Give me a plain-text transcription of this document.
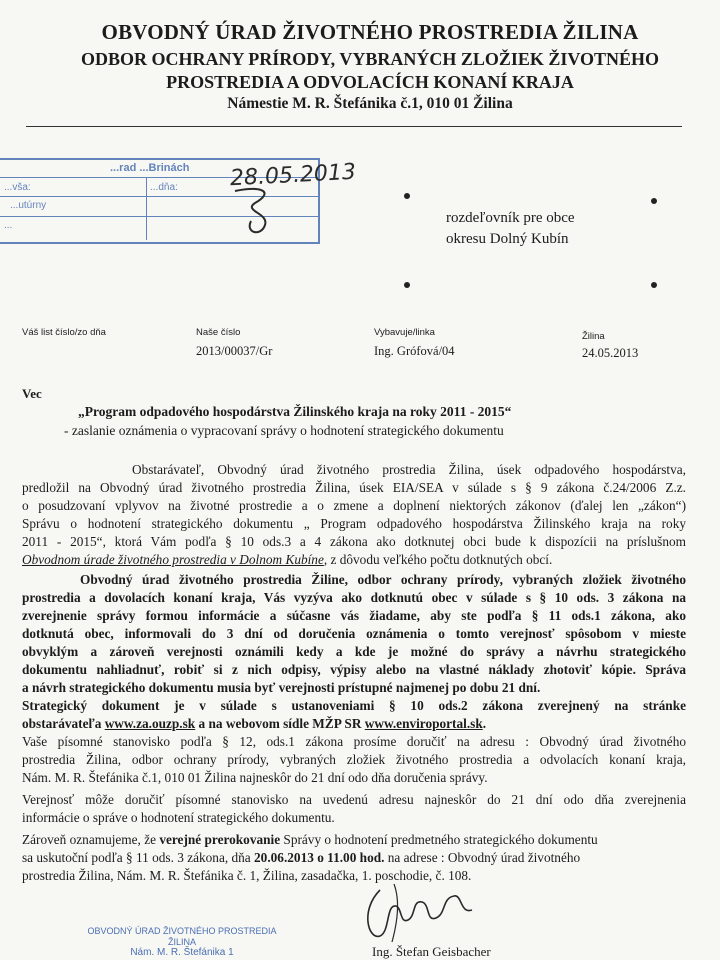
OBVODNÝ ÚRAD ŽIVOTNÉHO PROSTREDIA ŽILINA
ODBOR OCHRANY PRÍRODY, VYBRANÝCH ZLOŽIEK ŽIVOTNÉHO
PROSTREDIA A ODVOLACÍCH KONANÍ KRAJA
Námestie M. R. Štefánika č.1, 010 01 Žilina
...rad ...Brinách
...vša:
...utúrny
...dňa:
...
28.05.2013
rozdeľovník pre obce
okresu Dolný Kubín
Váš list číslo/zo dňa	Naše číslo
2013/00037/Gr
Vybavuje/linka
Ing. Grófová/04
Žilina
24.05.2013
Vec
„Program odpadového hospodárstva Žilinského kraja na roky 2011 - 2015“
- zaslanie oznámenia o vypracovaní správy o hodnotení strategického dokumentu
Obstarávateľ, Obvodný úrad životného prostredia Žilina, úsek odpadového hospodárstva,
predložil na Obvodný úrad životného prostredia Žilina, úsek EIA/SEA v súlade s § 9 zákona č.24/2006 Z.z.
o posudzovaní vplyvov na životné prostredie a o zmene a doplnení niektorých zákonov (ďalej len „zákon“)
Správu o hodnotení strategického dokumentu „ Program odpadového hospodárstva Žilinského kraja na roky
2011 - 2015“, ktorá Vám podľa § 10 ods.3 a 4 zákona ako dotknutej obci bude k dispozícii na príslušnom
Obvodnom úrade životného prostredia v Dolnom Kubíne, z dôvodu veľkého počtu dotknutých obcí.
Obvodný úrad životného prostredia Žiline, odbor ochrany prírody, vybraných zložiek životného
prostredia a dovolacích konaní kraja, Vás vyzýva ako dotknutú obec v súlade s § 10 ods. 3 zákona na
zverejnenie správy formou informácie a súčasne vás žiadame, aby ste podľa § 11 ods.1 zákona, ako
dotknutá obec, informovali do 3 dní od doručenia oznámenia o tomto verejnosť spôsobom v mieste
obvyklým a zároveň verejnosti oznámili kedy a kde je možné do správy a návrhu strategického
dokumentu nahliadnuť, robiť si z nich odpisy, výpisy alebo na vlastné náklady zhotoviť kópie. Správa
a návrh strategického dokumentu musia byť verejnosti prístupné najmenej po dobu 21 dní.
Strategický dokument je v súlade s ustanoveniami § 10 ods.2 zákona zverejnený na stránke
obstarávateľa www.za.ouzp.sk a na webovom sídle MŽP SR www.enviroportal.sk.
Vaše písomné stanovisko podľa § 12, ods.1 zákona prosíme doručiť na adresu : Obvodný úrad životného
prostredia Žilina, odbor ochrany prírody, vybraných zložiek životného prostredia a odvolacích konaní kraja,
Nám. M. R. Štefánika č.1, 010 01 Žilina najneskôr do 21 dní odo dňa doručenia správy.
Verejnosť môže doručiť písomné stanovisko na uvedenú adresu najneskôr do 21 dní odo dňa zverejnenia
informácie o správe o hodnotení strategického dokumentu.
Zároveň oznamujeme, že verejné prerokovanie Správy o hodnotení predmetného strategického dokumentu
sa uskutoční podľa § 11 ods. 3 zákona, dňa 20.06.2013 o 11.00 hod. na adrese : Obvodný úrad životného
prostredia Žilina, Nám. M. R. Štefánika č. 1, Žilina, zasadačka, 1. poschodie, č. 108.
OBVODNÝ ÚRAD ŽIVOTNÉHO PROSTREDIA
ŽILINA
Nám. M. R. Štefánika 1	Ing. Štefan Geisbacher
